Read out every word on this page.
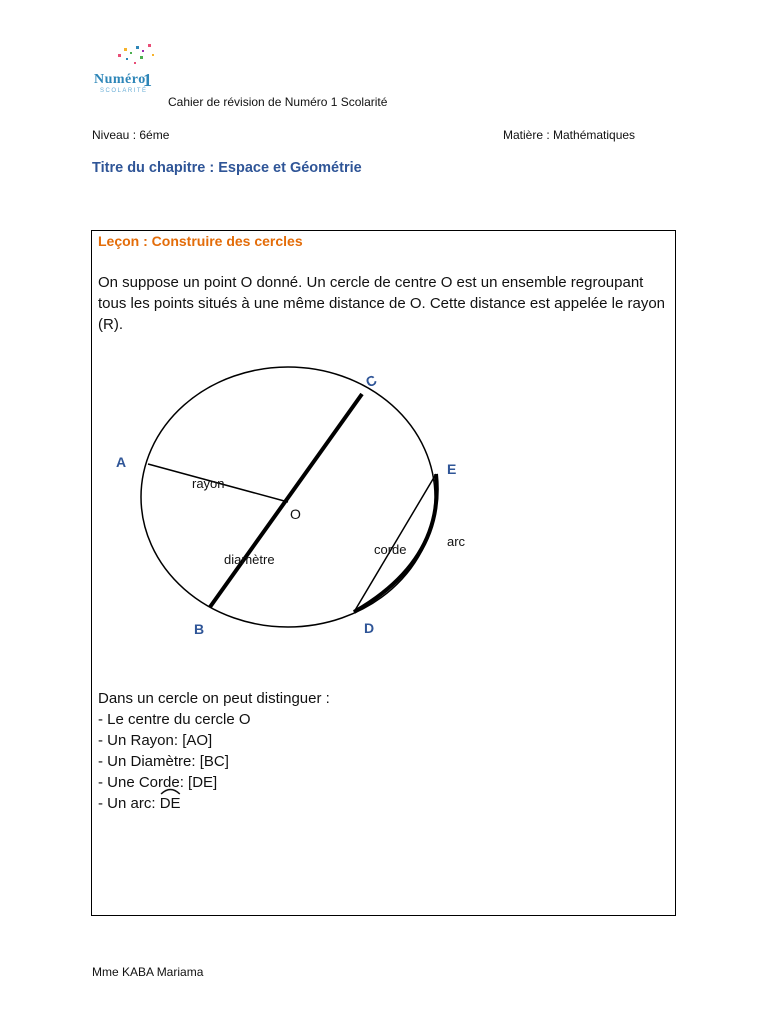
Numéro
1
SCOLARITÉ
Cahier de révision de Numéro 1 Scolarité
Niveau : 6éme	Matière : Mathématiques
Titre du chapitre : Espace et Géométrie
Leçon : Construire des cercles
On suppose un point O donné. Un cercle de centre O est un ensemble regroupant tous les points situés à une même distance de O. Cette distance est appelée le rayon (R).
A
B
C
D
E
O
rayon
diamètre
corde
arc
Dans un cercle on peut distinguer :
- Le centre du cercle O
- Un Rayon: [AO]
- Un Diamètre: [BC]
- Une Corde: [DE]
- Un arc:
DE
Mme KABA Mariama
